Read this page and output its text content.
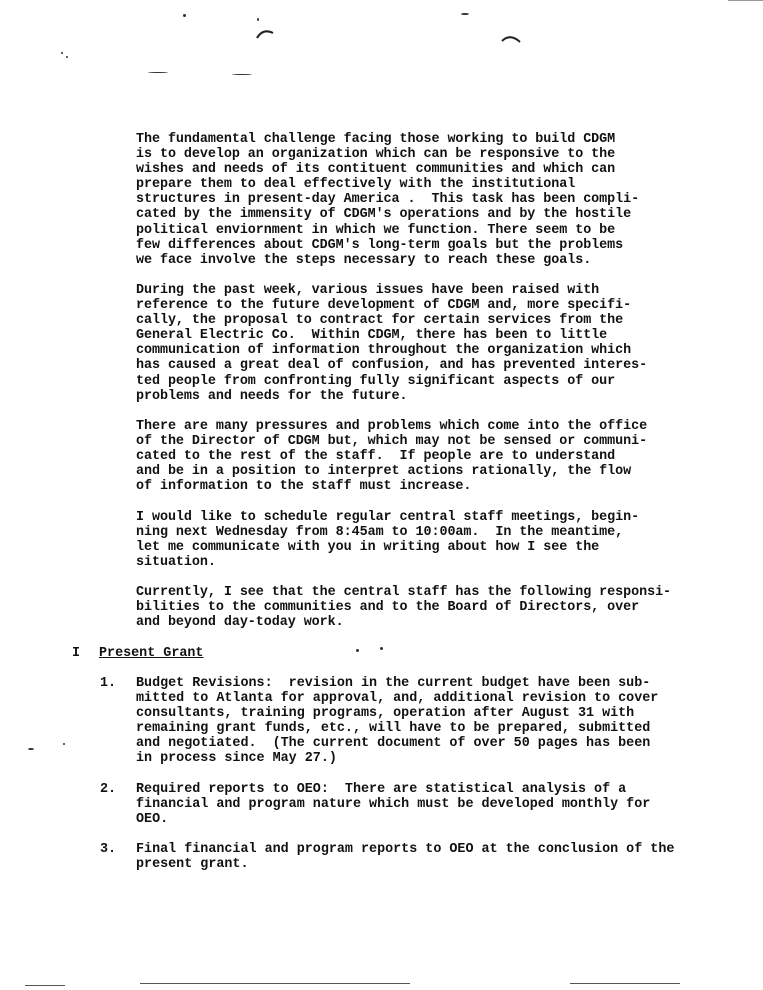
The fundamental challenge facing those working to build CDGM
is to develop an organization which can be responsive to the
wishes and needs of its contituent communities and which can
prepare them to deal effectively with the institutional
structures in present-day America .  This task has been compli-
cated by the immensity of CDGM's operations and by the hostile
political enviornment in which we function. There seem to be
few differences about CDGM's long-term goals but the problems
we face involve the steps necessary to reach these goals.

During the past week, various issues have been raised with
reference to the future development of CDGM and, more specifi-
cally, the proposal to contract for certain services from the
General Electric Co.  Within CDGM, there has been to little
communication of information throughout the organization which
has caused a great deal of confusion, and has prevented interes-
ted people from confronting fully significant aspects of our
problems and needs for the future.

There are many pressures and problems which come into the office
of the Director of CDGM but, which may not be sensed or communi-
cated to the rest of the staff.  If people are to understand
and be in a position to interpret actions rationally, the flow
of information to the staff must increase.

I would like to schedule regular central staff meetings, begin-
ning next Wednesday from 8:45am to 10:00am.  In the meantime,
let me communicate with you in writing about how I see the
situation.

Currently, I see that the central staff has the following responsi-
bilities to the communities and to the Board of Directors, over
and beyond day-today work.

I Present Grant
1. Budget Revisions:  revision in the current budget have been sub-
mitted to Atlanta for approval, and, additional revision to cover
consultants, training programs, operation after August 31 with
remaining grant funds, etc., will have to be prepared, submitted
and negotiated.  (The current document of over 50 pages has been
in process since May 27.)

2. Required reports to OEO:  There are statistical analysis of a
financial and program nature which must be developed monthly for
OEO.

3. Final financial and program reports to OEO at the conclusion of the
present grant.
